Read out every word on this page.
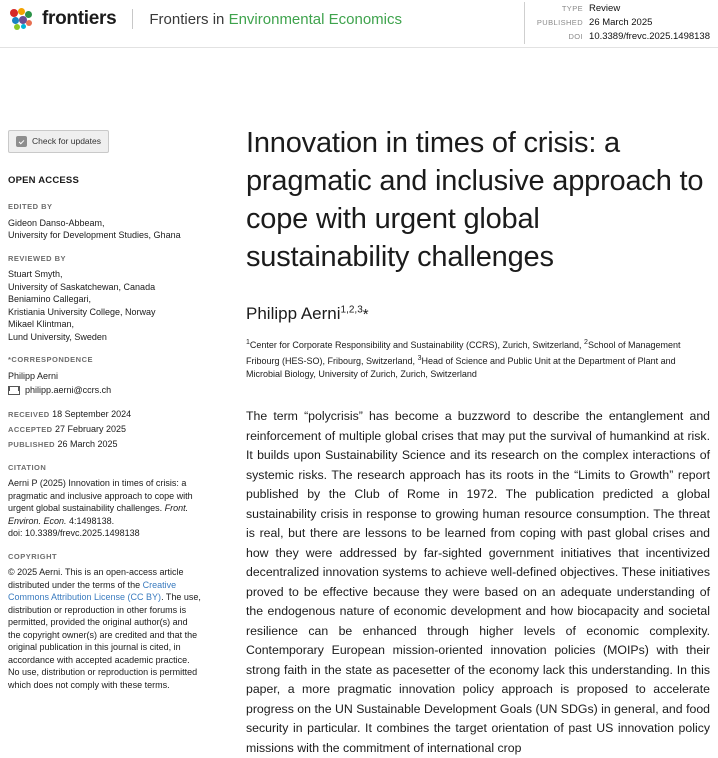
frontiers Frontiers in Environmental Economics
TYPE Review
PUBLISHED 26 March 2025
DOI 10.3389/frevc.2025.1498138
Check for updates
OPEN ACCESS
EDITED BY

Gideon Danso-Abbeam,

University for Development Studies, Ghana

REVIEWED BY

Stuart Smyth,

University of Saskatchewan, Canada

Beniamino Callegari,

Kristiania University College, Norway

Mikael Klintman,

Lund University, Sweden

*CORRESPONDENCE

Philipp Aerni

philipp.aerni@ccrs.ch
RECEIVED 18 September 2024
ACCEPTED 27 February 2025
PUBLISHED 26 March 2025
CITATION

Aerni P (2025) Innovation in times of crisis: a pragmatic and inclusive approach to cope with urgent global sustainability challenges. Front. Environ. Econ. 4:1498138.

doi: 10.3389/frevc.2025.1498138

COPYRIGHT

© 2025 Aerni. This is an open-access article distributed under the terms of the Creative Commons Attribution License (CC BY). The use, distribution or reproduction in other forums is permitted, provided the original author(s) and the copyright owner(s) are credited and that the original publication in this journal is cited, in accordance with accepted academic practice. No use, distribution or reproduction is permitted which does not comply with these terms.

Innovation in times of crisis: a pragmatic and inclusive approach to cope with urgent global sustainability challenges
Philipp Aerni$^{1,2,3}$*

$^1$Center for Corporate Responsibility and Sustainability (CCRS), Zurich, Switzerland, $^2$School of Management Fribourg (HES-SO), Fribourg, Switzerland, $^3$Head of Science and Public Unit at the Department of Plant and Microbial Biology, University of Zurich, Zurich, Switzerland

The term “polycrisis” has become a buzzword to describe the entanglement and reinforcement of multiple global crises that may put the survival of humankind at risk. It builds upon Sustainability Science and its research on the complex interactions of systemic risks. The research approach has its roots in the “Limits to Growth” report published by the Club of Rome in 1972. The publication predicted a global sustainability crisis in response to growing human resource consumption. The threat is real, but there are lessons to be learned from coping with past global crises and how they were addressed by far-sighted government initiatives that incentivized decentralized innovation systems to achieve well-defined objectives. These initiatives proved to be effective because they were based on an adequate understanding of the endogenous nature of economic development and how biocapacity and societal resilience can be enhanced through higher levels of economic complexity. Contemporary European mission-oriented innovation policies (MOIPs) with their strong faith in the state as pacesetter of the economy lack this understanding. In this paper, a more pragmatic innovation policy approach is proposed to accelerate progress on the UN Sustainable Development Goals (UN SDGs) in general, and food security in particular. It combines the target orientation of past US innovation policy missions with the commitment of international crop
